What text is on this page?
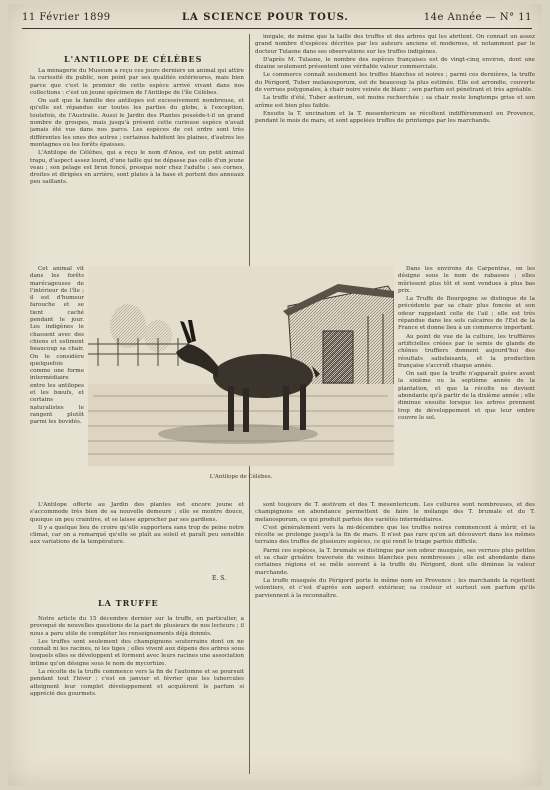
11 Février 1899	LA SCIENCE POUR TOUS.	14e Année — N° 11
L'ANTILOPE DE CÉLÈBES

La ménagerie du Muséum a reçu ces jours derniers un animal qui attire la curiosité du public, non point par ses qualités extérieures, mais bien parce que c'est le premier de cette espèce arrivé vivant dans nos collections : c'est un jeune spécimen de l'Antilope de l'île Célèbes.

On sait que la famille des antilopes est excessivement nombreuse, et qu'elle est répandue sur toutes les parties du globe, à l'exception, toutefois, de l'Australie. Aussi le Jardin des Plantes possède-t-il un grand nombre de groupes, mais jusqu'à présent cette curieuse espèce n'avait jamais été vue dans nos parcs. Les espèces de cet ordre sont très différentes les unes des autres ; certaines habitent les plaines, d'autres les montagnes ou les forêts épaisses.

L'Antilope de Célèbes, qui a reçu le nom d'Anoa, est un petit animal trapu, d'aspect assez lourd, d'une taille qui ne dépasse pas celle d'un jeune veau ; son pelage est brun foncé, presque noir chez l'adulte ; ses cornes, droites et dirigées en arrière, sont plates à la base et portent des anneaux peu saillants.

Cet animal vit dans les forêts marécageuses de l'intérieur de l'île ; il est d'humeur farouche et se tient caché pendant le jour. Les indigènes le chassent avec des chiens et estiment beaucoup sa chair. On le considère quelquefois comme une forme intermédiaire entre les antilopes et les bœufs, et certains naturalistes le rangent plutôt parmi les bovidés.

L'Antilope offerte au Jardin des plantes est encore jeune et s'accommode très bien de sa nouvelle demeure ; elle se montre douce, quoique un peu craintive, et se laisse approcher par ses gardiens.

Il y a quelque lieu de croire qu'elle supportera sans trop de peine notre climat, car on a remarqué qu'elle se plaît au soleil et paraît peu sensible aux variations de la température.

E. S.
LA TRUFFE

Notre article du 15 décembre dernier sur la truffe, en particulier, a provoqué de nouvelles questions de la part de plusieurs de nos lecteurs ; il nous a paru utile de compléter les renseignements déjà donnés.

Les truffes sont seulement des champignons souterrains dont on ne connaît ni les racines, ni les tiges ; elles vivent aux dépens des arbres sous lesquels elles se développent et forment avec leurs racines une association intime qu'on désigne sous le nom de mycorhize.

La récolte de la truffe commence vers la fin de l'automne et se poursuit pendant tout l'hiver ; c'est en janvier et février que les tubercules atteignent leur complet développement et acquièrent le parfum si apprécié des gourmets.

inégale, de même que la taille des truffes et des arbres qui les abritent. On connaît un assez grand nombre d'espèces décrites par les auteurs anciens et modernes, et notamment par le docteur Tulasne dans ses observations sur les truffes indigènes.

D'après M. Tulasne, le nombre des espèces françaises est de vingt-cinq environ, dont une dizaine seulement présentent une véritable valeur commerciale.

Le commerce connaît seulement les truffes blanches et noires ; parmi ces dernières, la truffe du Périgord, Tuber melanosporum, est de beaucoup la plus estimée. Elle est arrondie, couverte de verrues polygonales, à chair noire veinée de blanc ; son parfum est pénétrant et très agréable.

La truffe d'été, Tuber æstivum, est moins recherchée ; sa chair reste longtemps grise et son arôme est bien plus faible.

Ensuite la T. uncinatum et la T. mesentericum se récoltent indifféremment en Provence, pendant le mois de mars, et sont appelées truffes de printemps par les marchands.

Dans les environs de Carpentras, on les désigne sous le nom de rabasses ; elles mûrissent plus tôt et sont vendues à plus bas prix.

La Truffe de Bourgogne se distingue de la précédente par sa chair plus foncée et son odeur rappelant celle de l'ail ; elle est très répandue dans les sols calcaires de l'Est de la France et donne lieu à un commerce important.

Au point de vue de la culture, les truffières artificielles créées par le semis de glands de chênes truffiers donnent aujourd'hui des résultats satisfaisants, et la production française s'accroît chaque année.

On sait que la truffe n'apparaît guère avant la sixième ou la septième année de la plantation, et que la récolte ne devient abondante qu'à partir de la dixième année ; elle diminue ensuite lorsque les arbres prennent trop de développement et que leur ombre couvre le sol.

sont toujours de T. æstivum et des T. mesentericum. Les cultures sont nombreuses, et des champignons en abondance permettent de faire le mélange des T. brumale et du T. melanosporum, ce qui produit parfois des variétés intermédiaires.

C'est généralement vers la mi-décembre que les truffes noires commencent à mûrir, et la récolte se prolonge jusqu'à la fin de mars. Il n'est pas rare qu'on ait découvert dans les mêmes terrains des truffes de plusieurs espèces, ce qui rend le triage parfois difficile.

Parmi ces espèces, la T. brumale se distingue par son odeur musquée, ses verrues plus petites et sa chair grisâtre traversée de veines blanches peu nombreuses ; elle est abondante dans certaines régions et se mêle souvent à la truffe du Périgord, dont elle diminue la valeur marchande.

La truffe musquée du Périgord porte le même nom en Provence ; les marchands la rejettent volontiers, et c'est d'après son aspect extérieur, sa couleur et surtout son parfum qu'ils parviennent à la reconnaître.

L'Antilope de Célèbes.
